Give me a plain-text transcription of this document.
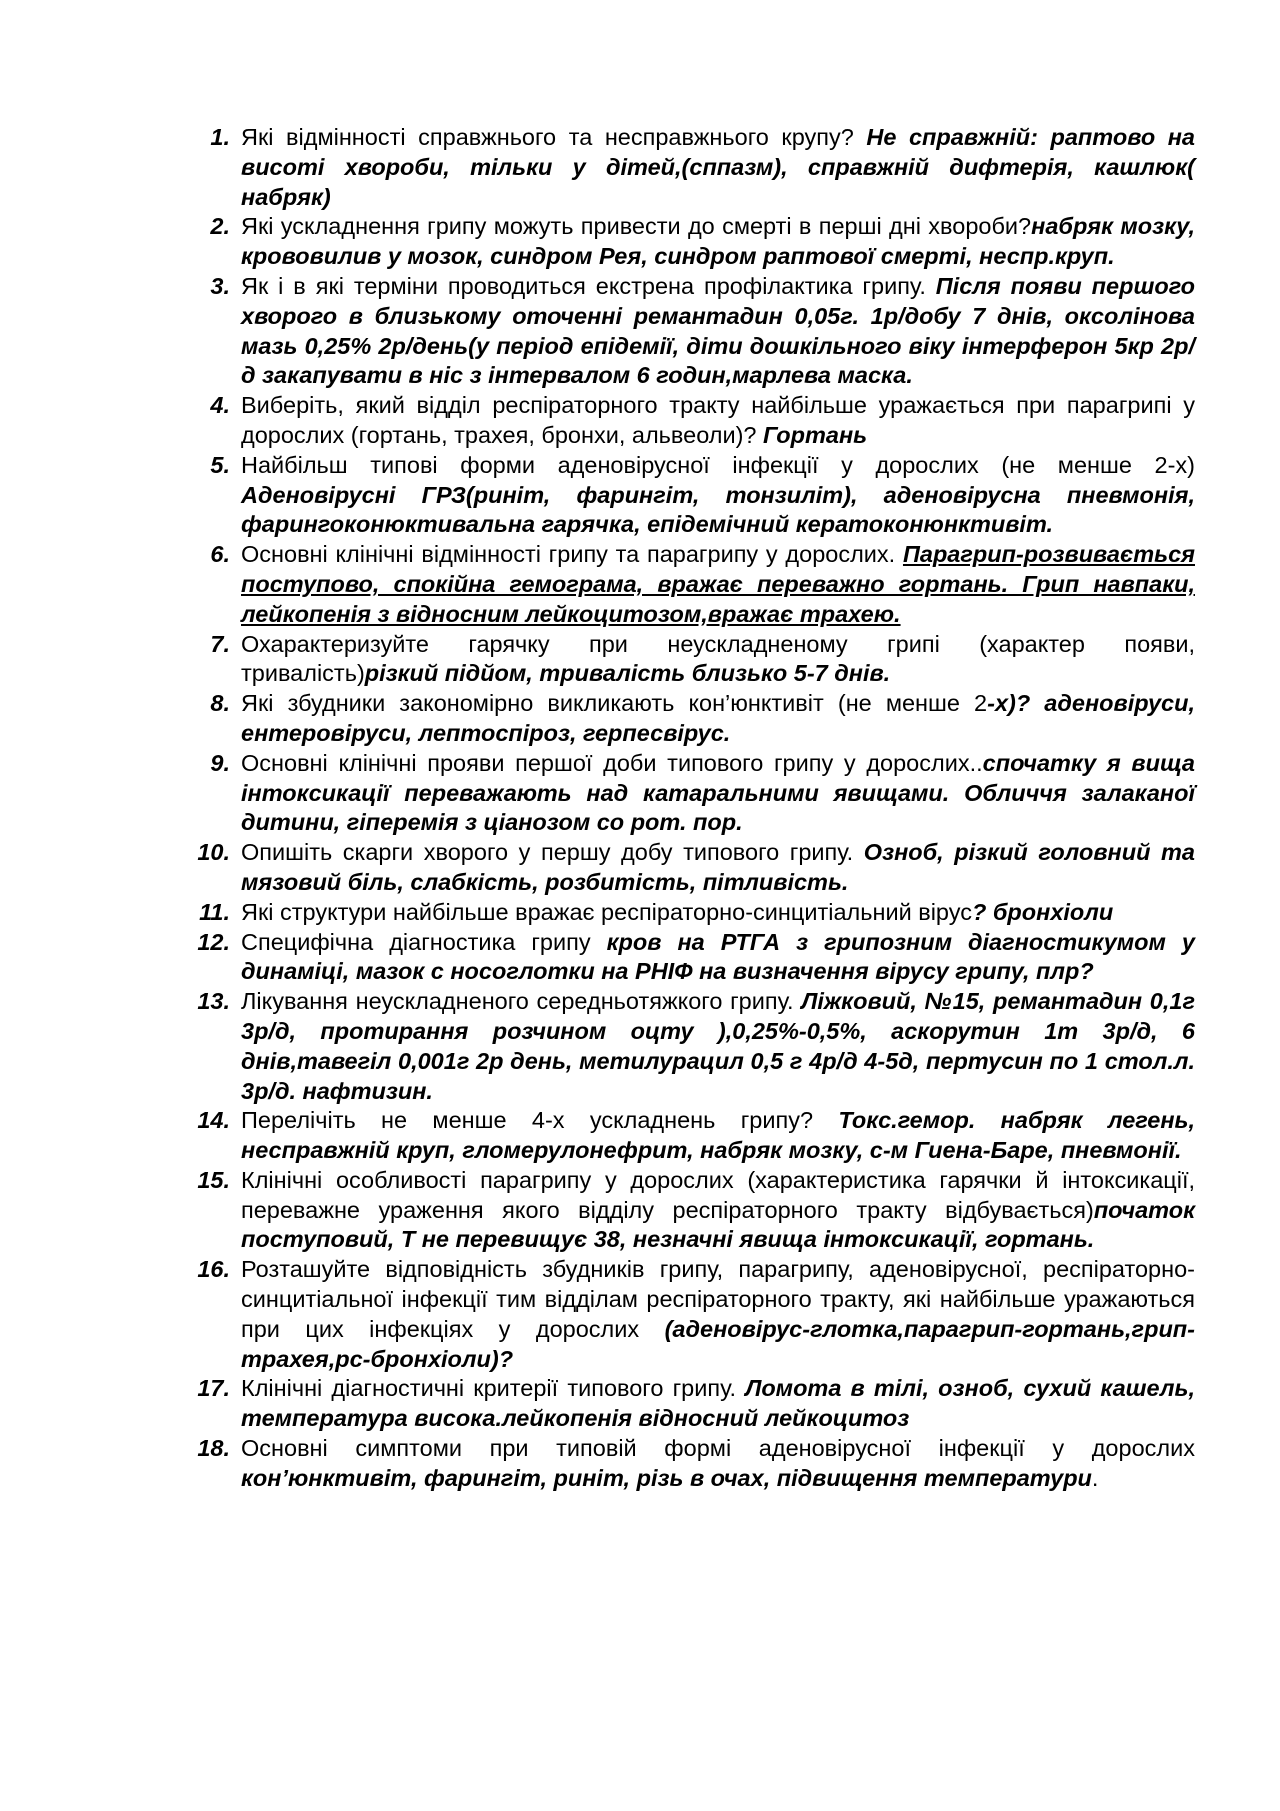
1. Які відмінності справжнього та несправжнього крупу? Не справжній: раптово на висоті хвороби, тільки у дітей,(сппазм), справжній дифтерія, кашлюк( набряк)
2. Які ускладнення грипу можуть привести до смерті в перші дні хвороби?набряк мозку, крововилив у мозок, синдром Рея, синдром раптової смерті, неспр.круп.
3. Як і в які терміни проводиться екстрена профілактика грипу. Після появи першого хворого в близькому оточенні ремантадин 0,05г. 1р/добу 7 днів, оксолінова мазь 0,25% 2р/день(у період епідемії, діти дошкільного віку інтерферон 5кр 2р/д закапувати в ніс з інтервалом 6 годин,марлева маска.
4. Виберіть, який відділ респіраторного тракту найбільше уражається при парагрипі у дорослих (гортань, трахея, бронхи, альвеоли)? Гортань
5. Найбільш типові форми аденовірусної інфекції у дорослих (не менше 2-х) Аденовірусні ГРЗ(риніт, фарингіт, тонзиліт), аденовірусна пневмонія, фарингоконюктивальна гарячка, епідемічний кератоконюнктивіт.
6. Основні клінічні відмінності грипу та парагрипу у дорослих. Парагрип-розвивається поступово, спокійна гемограма, вражає переважно гортань. Грип навпаки, лейкопенія з відносним лейкоцитозом,вражає трахею.
7. Охарактеризуйте гарячку при неускладненому грипі (характер появи, тривалість)різкий підйом, тривалість близько 5-7 днів.
8. Які збудники закономірно викликають кон’юнктивіт (не менше 2-х)? аденовіруси, ентеровіруси, лептоспіроз, герпесвірус.
9. Основні клінічні прояви першої доби типового грипу у дорослих..спочатку я вища інтоксикації переважають над катаральними явищами. Обличчя залаканої дитини, гіперемія з ціанозом со рот. пор.
10. Опишіть скарги хворого у першу добу типового грипу. Озноб, різкий головний та мязовий біль, слабкість, розбитість, пітливість.
11. Які структури найбільше вражає респіраторно-синцитіальний вірус? бронхіоли
12. Специфічна діагностика грипу кров на РТГА з грипозним діагностикумом у динаміці, мазок с носоглотки на РНІФ на визначення вірусу грипу, плр?
13. Лікування неускладненого середньотяжкого грипу. Ліжковий, №15, ремантадин 0,1г 3р/д, протирання розчином оцту ),0,25%-0,5%, аскорутин 1т 3р/д, 6 днів,тавегіл 0,001г 2р день, метилурацил 0,5 г 4р/д 4-5д, пертусин по 1 стол.л. 3р/д. нафтизин.
14. Перелічіть не менше 4-х ускладнень грипу? Токс.гемор. набряк легень, несправжній круп, гломерулонефрит, набряк мозку, с-м Гиена-Баре, пневмонії.
15. Клінічні особливості парагрипу у дорослих (характеристика гарячки й інтоксикації, переважне ураження якого відділу респіраторного тракту відбувається)початок поступовий, Т не перевищує 38, незначні явища інтоксикації, гортань.
16. Розташуйте відповідність збудників грипу, парагрипу, аденовірусної, респіраторно-синцитіальної інфекції тим відділам респіраторного тракту, які найбільше уражаються при цих інфекціях у дорослих (аденовірус-глотка,парагрип-гортань,грип-трахея,рс-бронхіоли)?
17. Клінічні діагностичні критерії типового грипу. Ломота в тілі, озноб, сухий кашель, температура висока.лейкопенія відносний лейкоцитоз
18. Основні симптоми при типовій формі аденовірусної інфекції у дорослих кон’юнктивіт, фарингіт, риніт, різь в очах, підвищення температури.
